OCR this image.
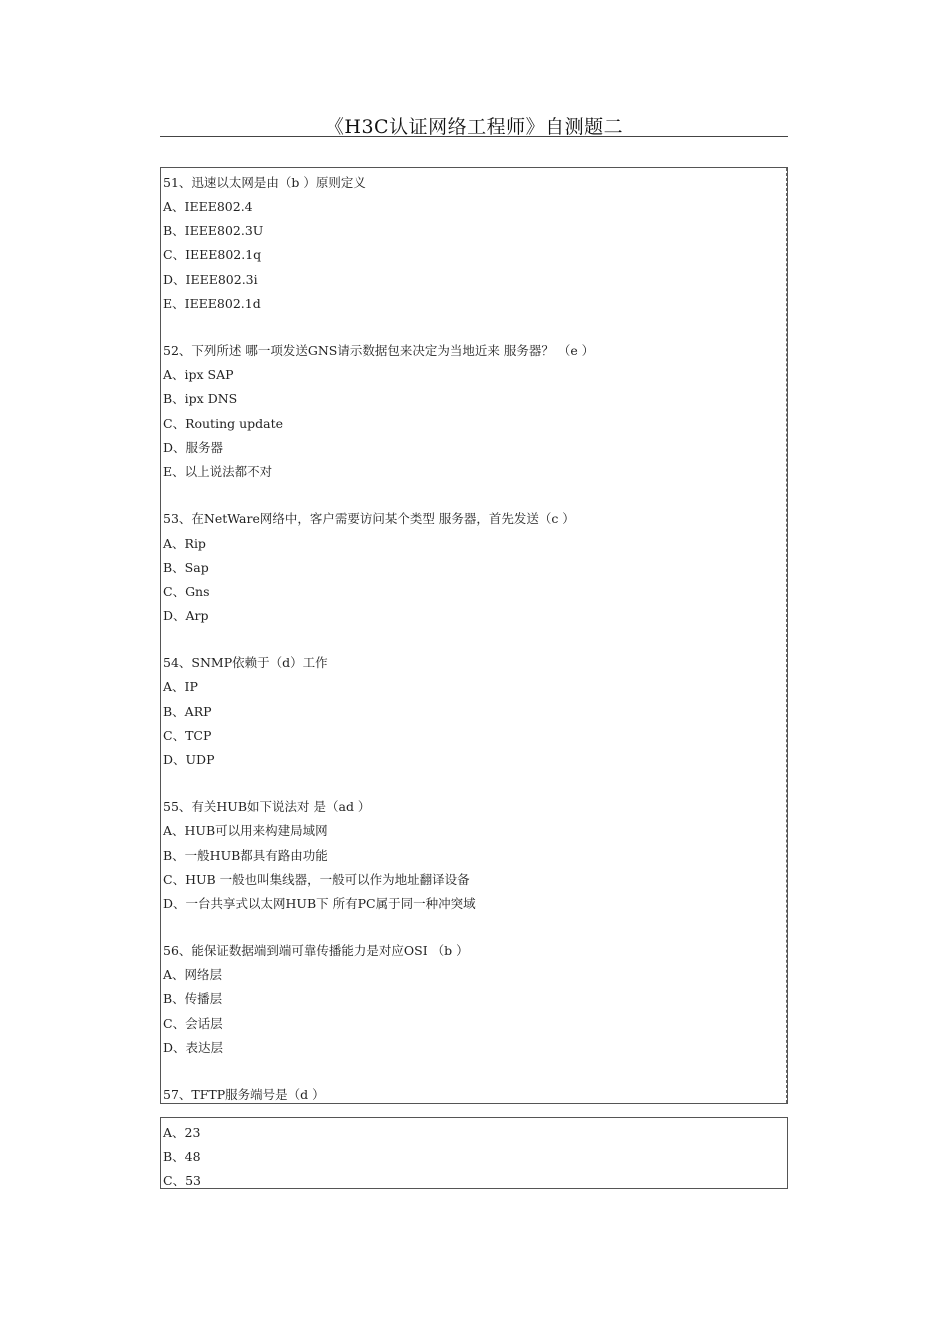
《H3C认证网络工程师》自测题二
51、迅速以太网是由（b ）原则定义
A、IEEE802.4
B、IEEE802.3U
C、IEEE802.1q
D、IEEE802.3i
E、IEEE802.1d
52、下列所述 哪一项发送GNS请示数据包来决定为当地近来 服务器？ （e ）
A、ipx SAP
B、ipx DNS
C、Routing update
D、服务器
E、以上说法都不对
53、在NetWare网络中，客户需要访问某个类型 服务器，首先发送（c ）
A、Rip
B、Sap
C、Gns
D、Arp
54、SNMP依赖于（d）工作
A、IP
B、ARP
C、TCP
D、UDP
55、有关HUB如下说法对 是（ad ）
A、HUB可以用来构建局域网
B、一般HUB都具有路由功能
C、HUB 一般也叫集线器，一般可以作为地址翻译设备
D、一台共享式以太网HUB下 所有PC属于同一种冲突域
56、能保证数据端到端可靠传播能力是对应OSI （b ）
A、网络层
B、传播层
C、会话层
D、表达层
57、TFTP服务端号是（d ）
A、23
B、48
C、53
